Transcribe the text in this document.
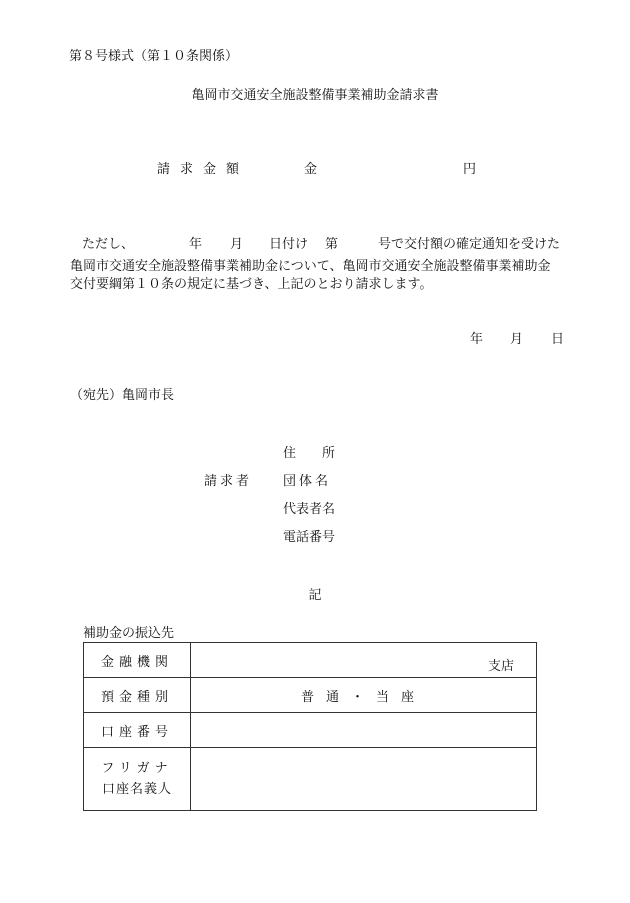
第８号様式（第１０条関係）
亀岡市交通安全施設整備事業補助金請求書
請求金額	金	円
ただし、	年 月 日付け 第	号で交付額の確定通知を受けた
亀岡市交通安全施設整備事業補助金について、亀岡市交通安全施設整備事業補助金
交付要綱第１０条の規定に基づき、上記のとおり請求します。
年 月 日
（宛先）亀岡市長
請求者
住　　所
団体名
代表者名
電話番号
記
補助金の振込先
金融機関	支店

預金種別	普通・当座

口座番号	

フリガナ
口座名義人	
